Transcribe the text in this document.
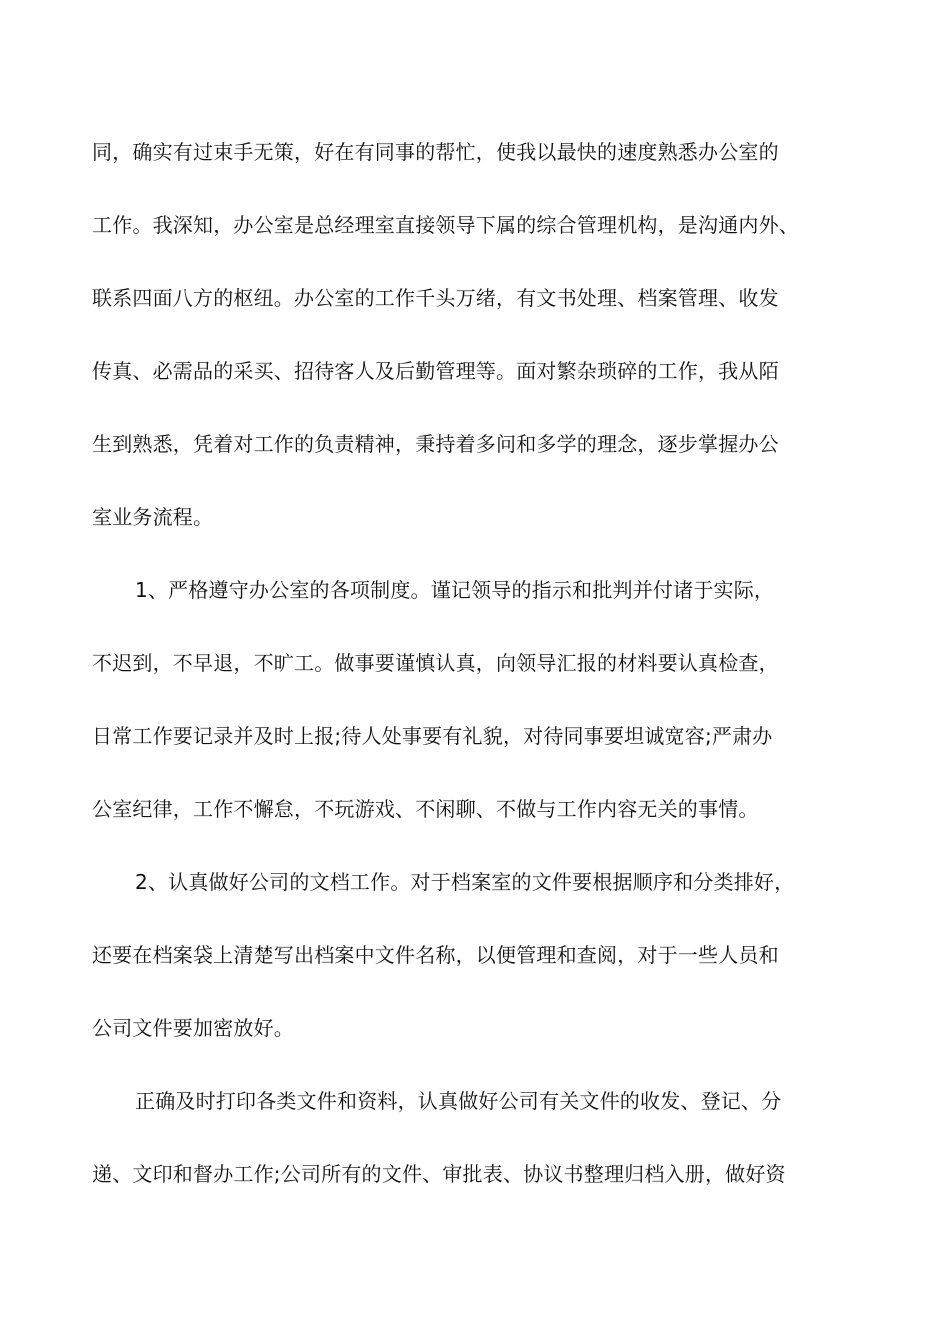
同，确实有过束手无策，好在有同事的帮忙，使我以最快的速度熟悉办公室的
工作。我深知，办公室是总经理室直接领导下属的综合管理机构，是沟通内外、
联系四面八方的枢纽。办公室的工作千头万绪，有文书处理、档案管理、收发
传真、必需品的采买、招待客人及后勤管理等。面对繁杂琐碎的工作，我从陌
生到熟悉，凭着对工作的负责精神，秉持着多问和多学的理念，逐步掌握办公
室业务流程。
1、严格遵守办公室的各项制度。谨记领导的指示和批判并付诸于实际，
不迟到，不早退，不旷工。做事要谨慎认真，向领导汇报的材料要认真检查，
日常工作要记录并及时上报;待人处事要有礼貌，对待同事要坦诚宽容;严肃办
公室纪律，工作不懈怠，不玩游戏、不闲聊、不做与工作内容无关的事情。
2、认真做好公司的文档工作。对于档案室的文件要根据顺序和分类排好，
还要在档案袋上清楚写出档案中文件名称，以便管理和查阅，对于一些人员和
公司文件要加密放好。
正确及时打印各类文件和资料，认真做好公司有关文件的收发、登记、分
递、文印和督办工作;公司所有的文件、审批表、协议书整理归档入册，做好资
